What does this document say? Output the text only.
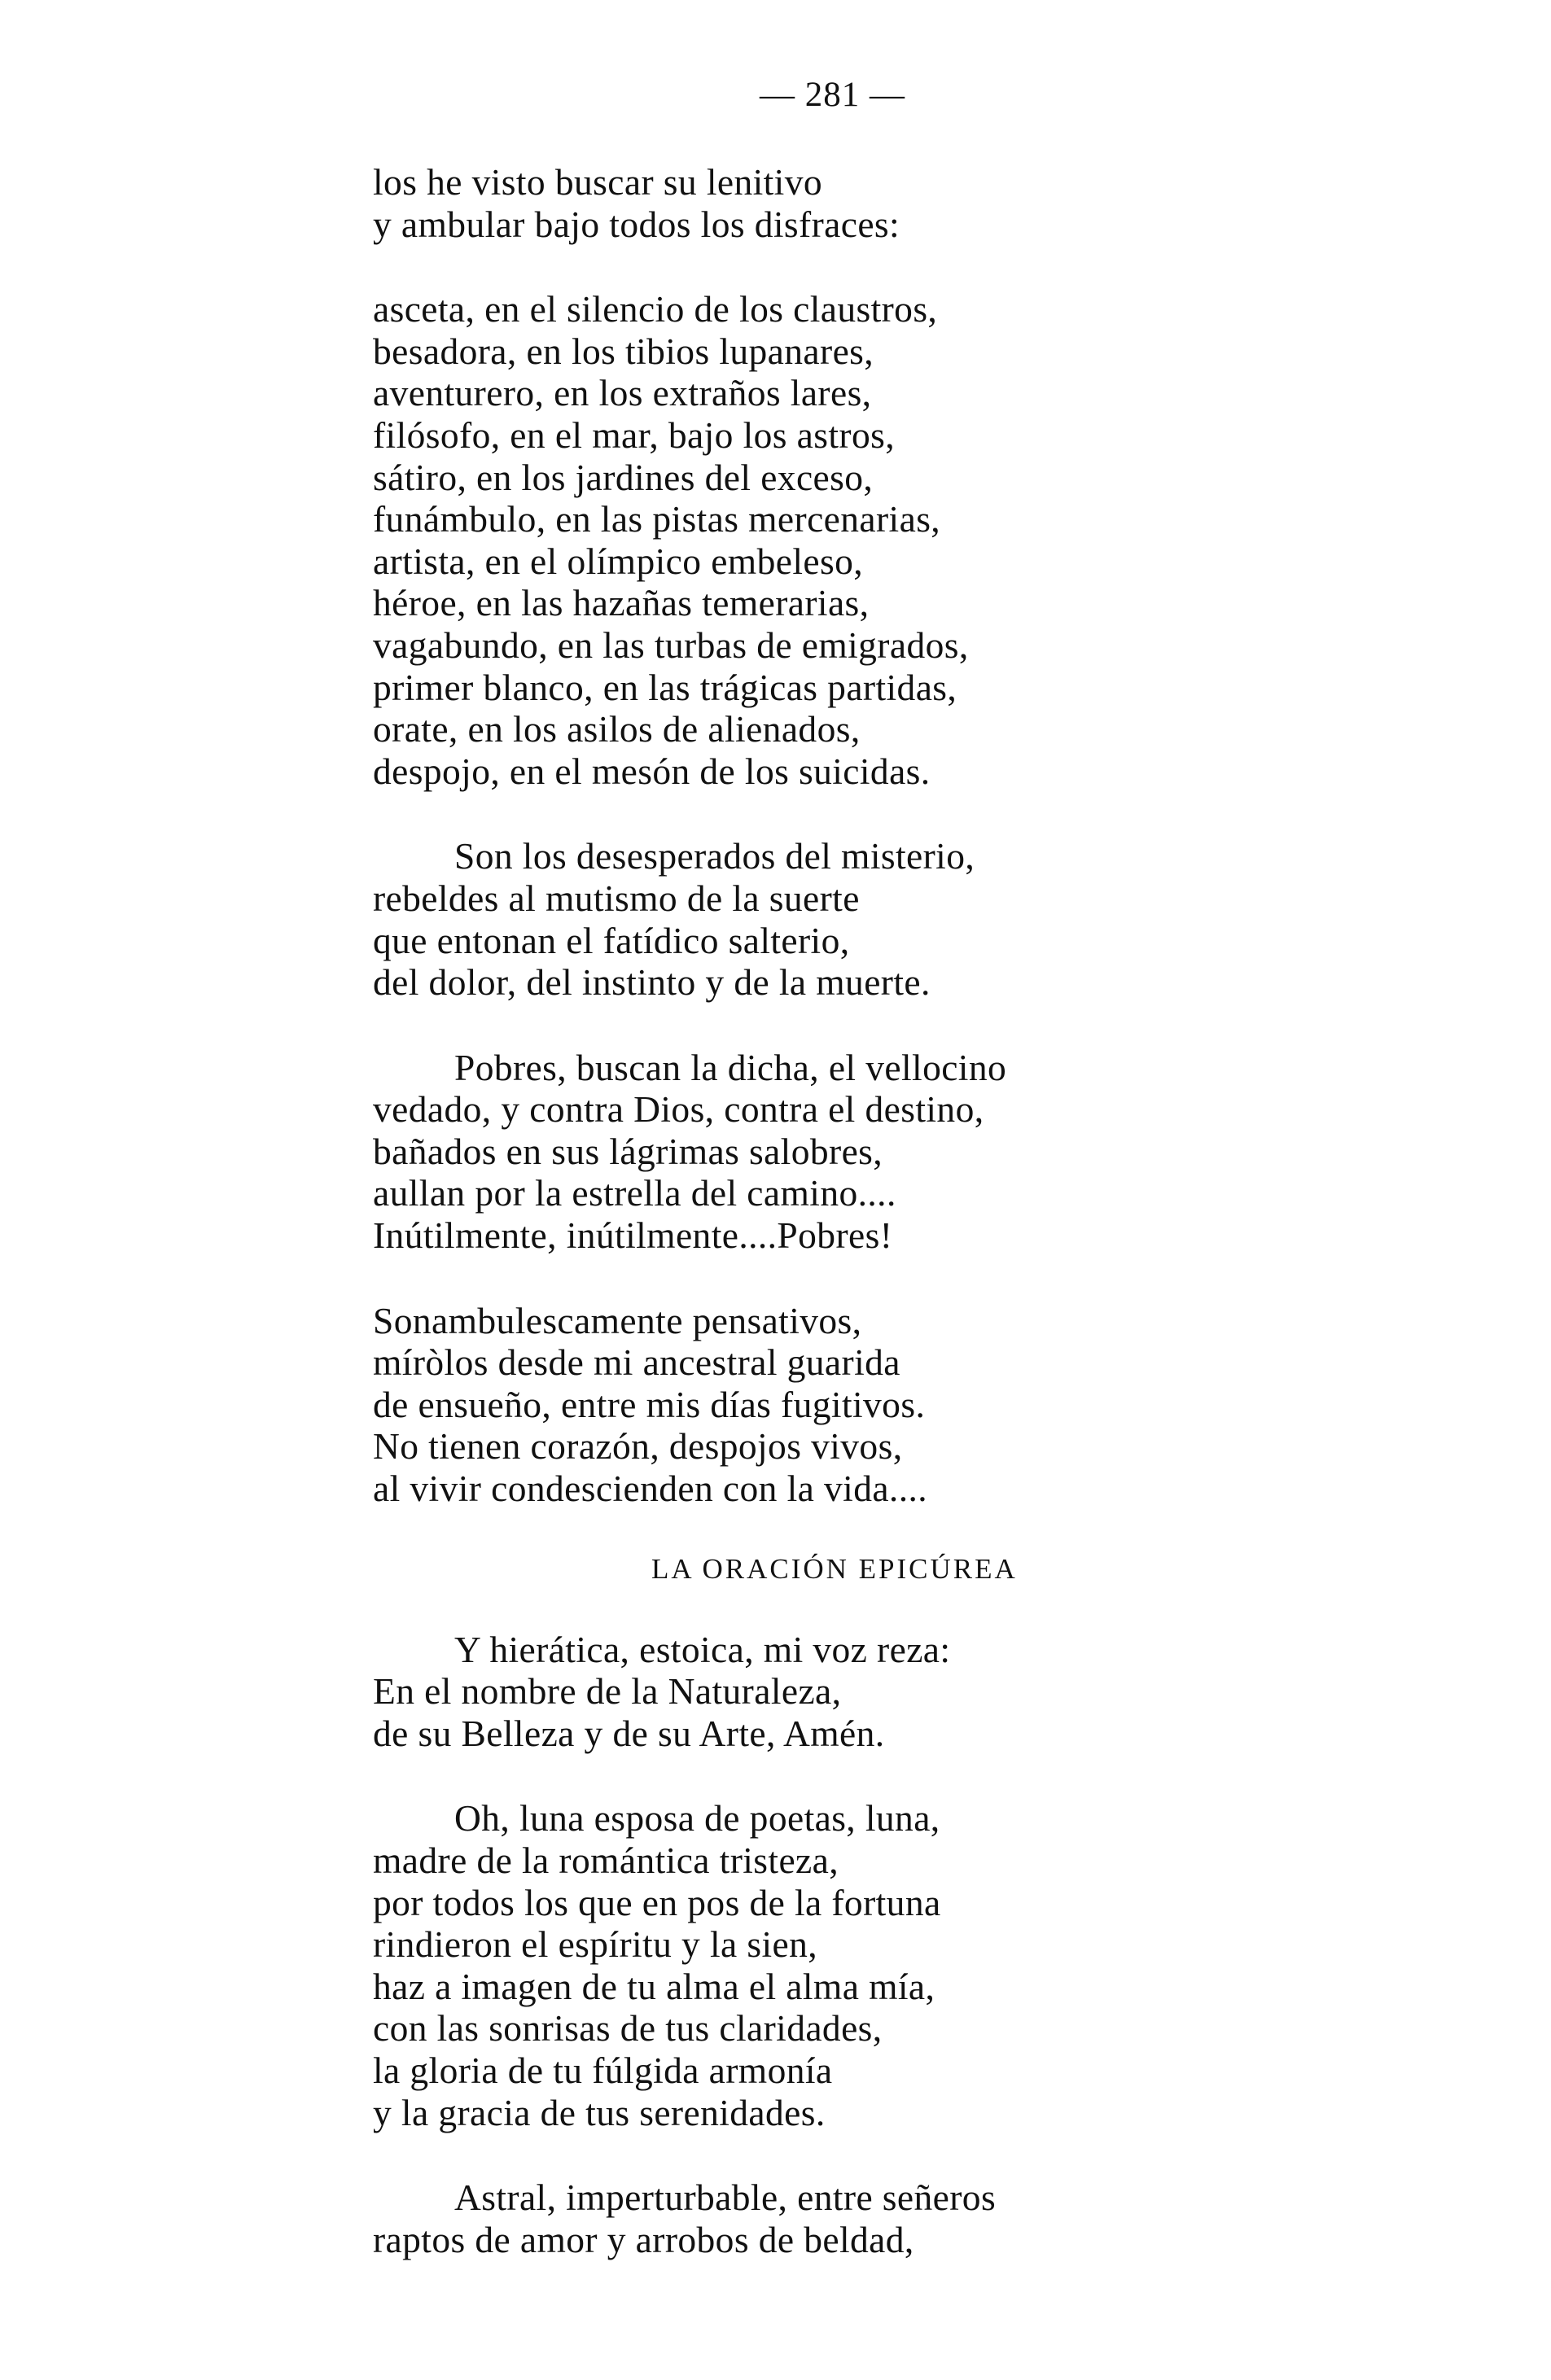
— 281 —
los he visto buscar su lenitivo
y ambular bajo todos los disfraces:
asceta, en el silencio de los claustros,
besadora, en los tibios lupanares,
aventurero, en los extraños lares,
filósofo, en el mar, bajo los astros,
sátiro, en los jardines del exceso,
funámbulo, en las pistas mercenarias,
artista, en el olímpico embeleso,
héroe, en las hazañas temerarias,
vagabundo, en las turbas de emigrados,
primer blanco, en las trágicas partidas,
orate, en los asilos de alienados,
despojo, en el mesón de los suicidas.
Son los desesperados del misterio,
rebeldes al mutismo de la suerte
que entonan el fatídico salterio,
del dolor, del instinto y de la muerte.
Pobres, buscan la dicha, el vellocino
vedado, y contra Dios, contra el destino,
bañados en sus lágrimas salobres,
aullan por la estrella del camino....
Inútilmente, inútilmente....Pobres!
Sonambulescamente pensativos,
míròlos desde mi ancestral guarida
de ensueño, entre mis días fugitivos.
No tienen corazón, despojos vivos,
al vivir condescienden con la vida....
LA ORACIÓN EPICÚREA
Y hierática, estoica, mi voz reza:
En el nombre de la Naturaleza,
de su Belleza y de su Arte, Amén.
Oh, luna esposa de poetas, luna,
madre de la romántica tristeza,
por todos los que en pos de la fortuna
rindieron el espíritu y la sien,
haz a imagen de tu alma el alma mía,
con las sonrisas de tus claridades,
la gloria de tu fúlgida armonía
y la gracia de tus serenidades.
Astral, imperturbable, entre señeros
raptos de amor y arrobos de beldad,
